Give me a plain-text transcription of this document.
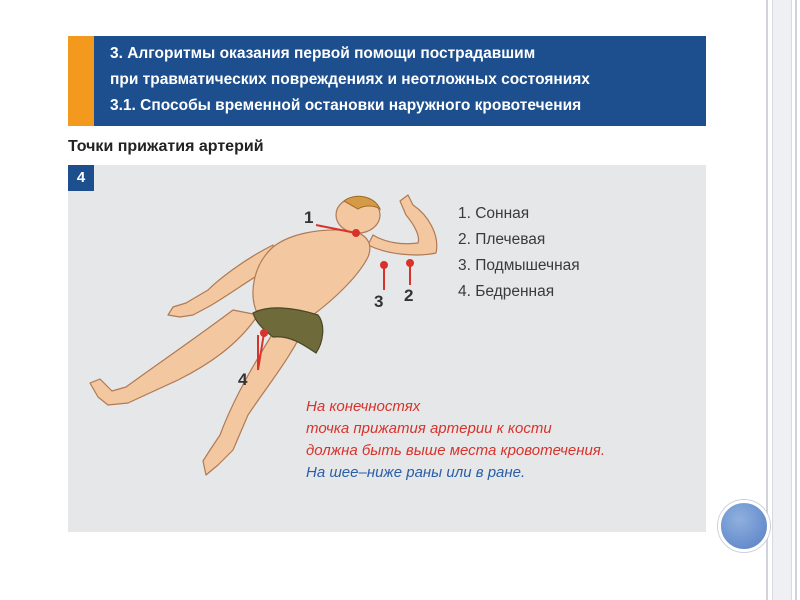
3. Алгоритмы оказания первой помощи пострадавшим
при травматических повреждениях и неотложных состояниях
3.1. Способы временной остановки наружного кровотечения
Точки прижатия артерий
4
1
2
3
4
1. Сонная
2. Плечевая
3. Подмышечная
4. Бедренная
На конечностях
точка прижатия артерии к кости
должна быть выше места кровотечения.
На шее–ниже раны или в ране.
